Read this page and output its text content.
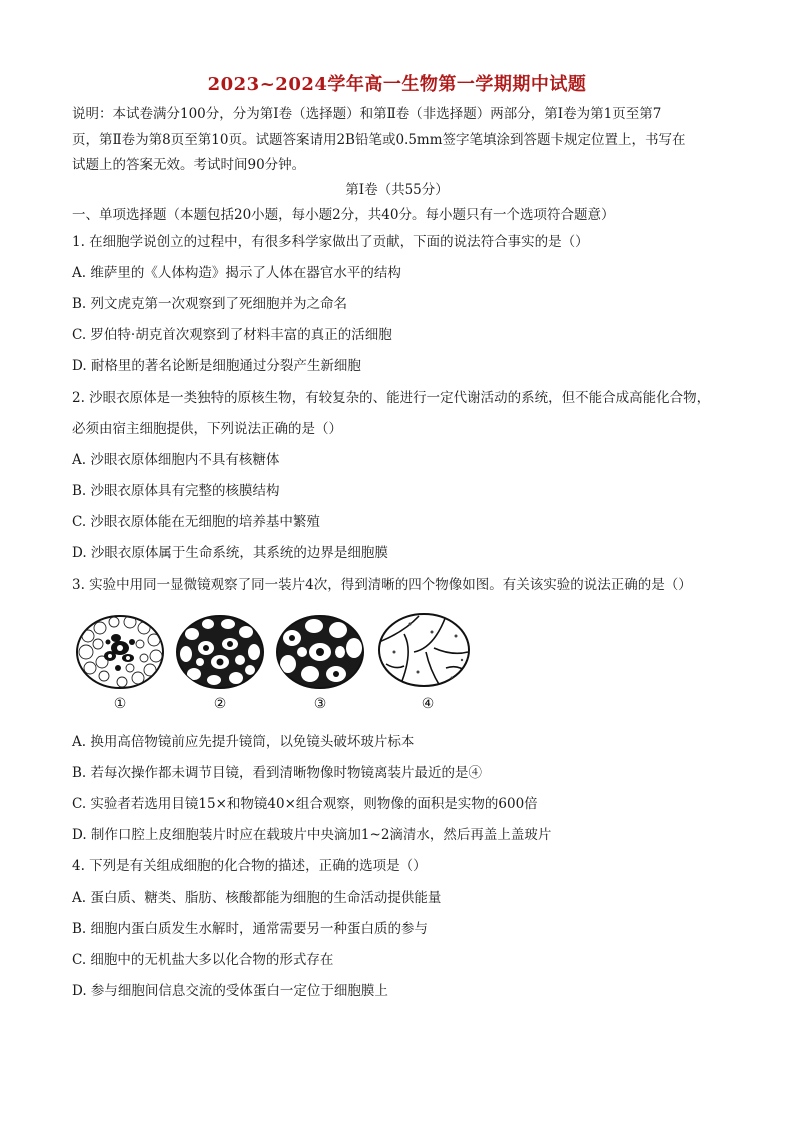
2023~2024学年高一生物第一学期期中试题
说明：本试卷满分100分，分为第Ⅰ卷（选择题）和第Ⅱ卷（非选择题）两部分，第Ⅰ卷为第1页至第7
页，第Ⅱ卷为第8页至第10页。试题答案请用2B铅笔或0.5mm签字笔填涂到答题卡规定位置上，书写在
试题上的答案无效。考试时间90分钟。
第Ⅰ卷（共55分）
一、单项选择题（本题包括20小题，每小题2分，共40分。每小题只有一个选项符合题意）
1. 在细胞学说创立的过程中，有很多科学家做出了贡献，下面的说法符合事实的是（）
A. 维萨里的《人体构造》揭示了人体在器官水平的结构
B. 列文虎克第一次观察到了死细胞并为之命名
C. 罗伯特·胡克首次观察到了材料丰富的真正的活细胞
D. 耐格里的著名论断是细胞通过分裂产生新细胞
2. 沙眼衣原体是一类独特的原核生物，有较复杂的、能进行一定代谢活动的系统，但不能合成高能化合物，
必须由宿主细胞提供，下列说法正确的是（）
A. 沙眼衣原体细胞内不具有核糖体
B. 沙眼衣原体具有完整的核膜结构
C. 沙眼衣原体能在无细胞的培养基中繁殖
D. 沙眼衣原体属于生命系统，其系统的边界是细胞膜
3. 实验中用同一显微镜观察了同一装片4次，得到清晰的四个物像如图。有关该实验的说法正确的是（）
①	②	③	④
A. 换用高倍物镜前应先提升镜筒，以免镜头破坏玻片标本
B. 若每次操作都未调节目镜，看到清晰物像时物镜离装片最近的是④
C. 实验者若选用目镜15×和物镜40×组合观察，则物像的面积是实物的600倍
D. 制作口腔上皮细胞装片时应在载玻片中央滴加1~2滴清水，然后再盖上盖玻片
4. 下列是有关组成细胞的化合物的描述，正确的选项是（）
A. 蛋白质、糖类、脂肪、核酸都能为细胞的生命活动提供能量
B. 细胞内蛋白质发生水解时，通常需要另一种蛋白质的参与
C. 细胞中的无机盐大多以化合物的形式存在
D. 参与细胞间信息交流的受体蛋白一定位于细胞膜上
